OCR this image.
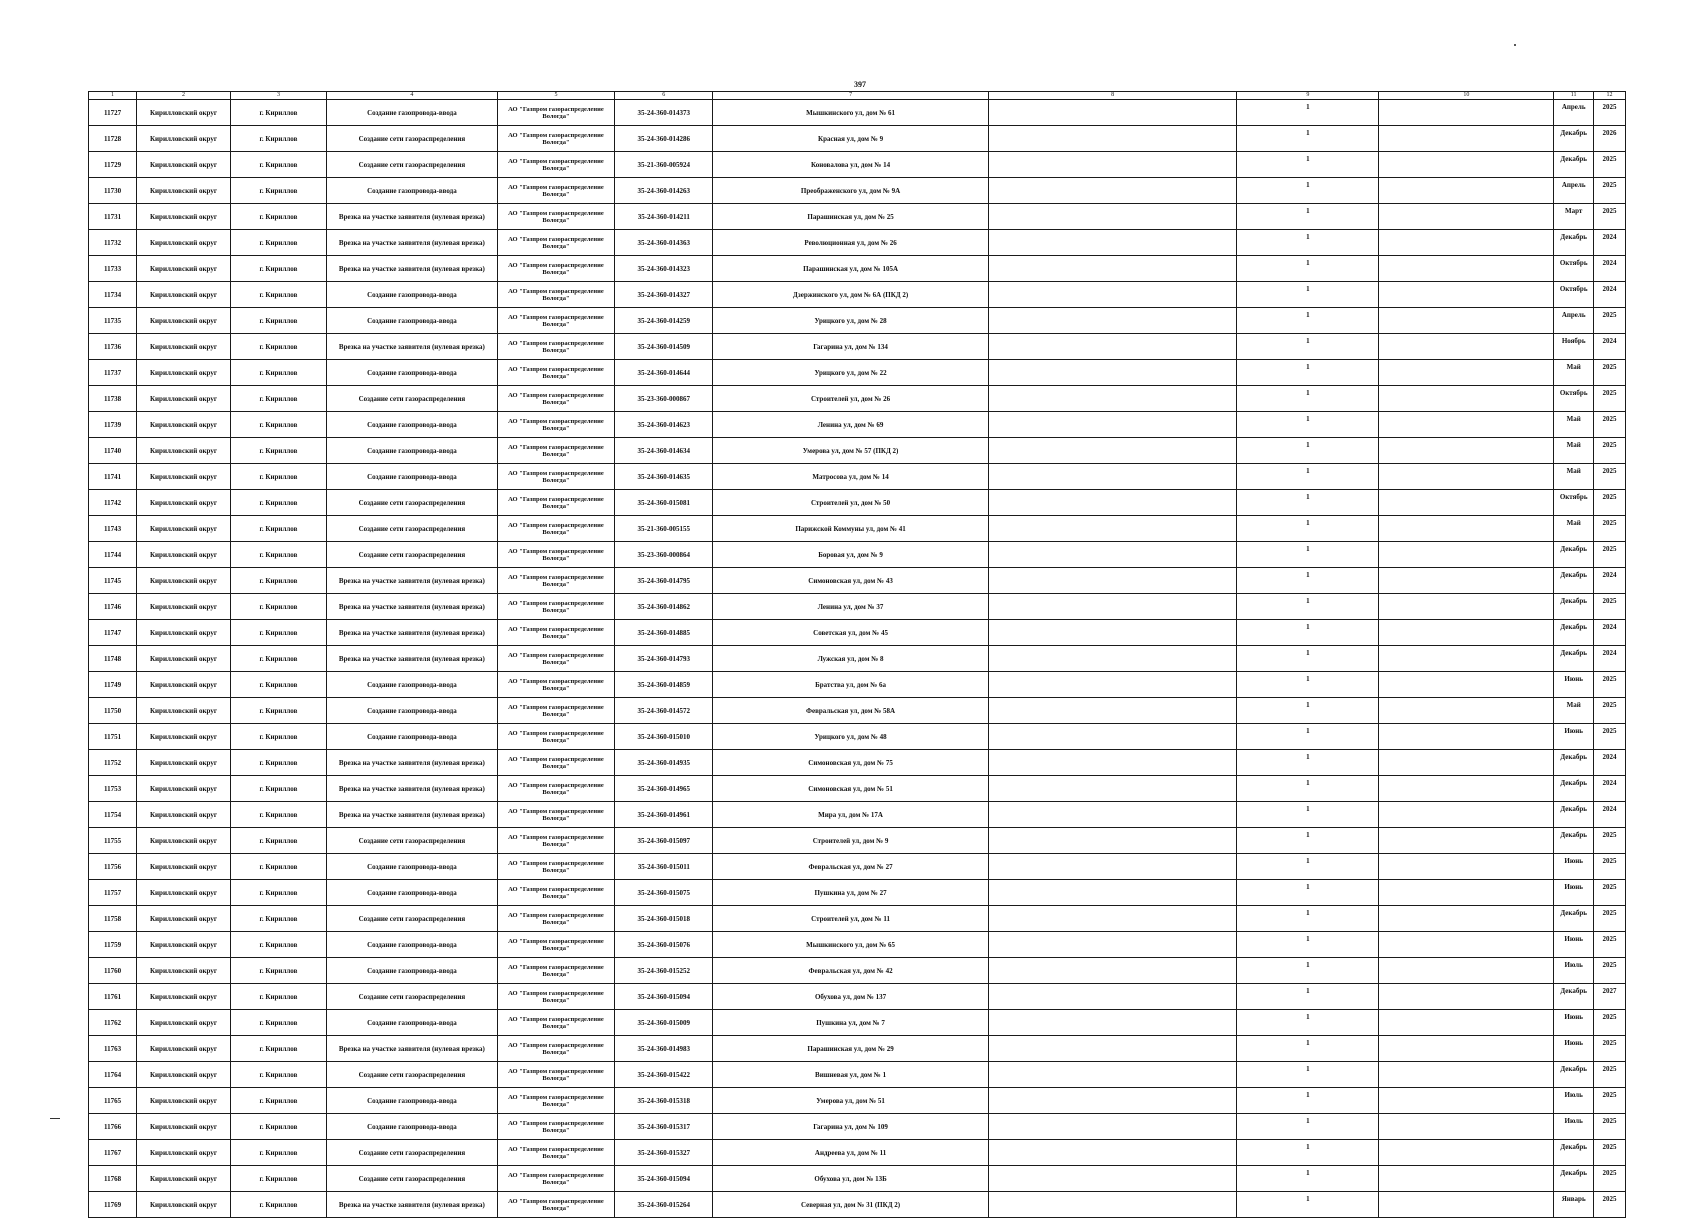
397
1	2	3	4	5	6	7	8	9	10	11	12
11727	Кирилловский округ	г. Кириллов	Создание газопровода-ввода	АО "Газпром газораспределение Вологда"	35-24-360-014373	Мышкинского ул, дом № 61		1		Апрель	2025
11728	Кирилловский округ	г. Кириллов	Создание сети газораспределения	АО "Газпром газораспределение Вологда"	35-24-360-014286	Красная ул, дом № 9		1		Декабрь	2026
11729	Кирилловский округ	г. Кириллов	Создание сети газораспределения	АО "Газпром газораспределение Вологда"	35-21-360-005924	Коновалова ул, дом № 14		1		Декабрь	2025
11730	Кирилловский округ	г. Кириллов	Создание газопровода-ввода	АО "Газпром газораспределение Вологда"	35-24-360-014263	Преображенского ул, дом № 9А		1		Апрель	2025
11731	Кирилловский округ	г. Кириллов	Врезка на участке заявителя (нулевая врезка)	АО "Газпром газораспределение Вологда"	35-24-360-014211	Парашинская ул, дом № 25		1		Март	2025
11732	Кирилловский округ	г. Кириллов	Врезка на участке заявителя (нулевая врезка)	АО "Газпром газораспределение Вологда"	35-24-360-014363	Революционная ул, дом № 26		1		Декабрь	2024
11733	Кирилловский округ	г. Кириллов	Врезка на участке заявителя (нулевая врезка)	АО "Газпром газораспределение Вологда"	35-24-360-014323	Парашинская ул, дом № 105А		1		Октябрь	2024
11734	Кирилловский округ	г. Кириллов	Создание газопровода-ввода	АО "Газпром газораспределение Вологда"	35-24-360-014327	Дзержинского ул, дом № 6А (ПКД 2)		1		Октябрь	2024
11735	Кирилловский округ	г. Кириллов	Создание газопровода-ввода	АО "Газпром газораспределение Вологда"	35-24-360-014259	Урицкого ул, дом № 28		1		Апрель	2025
11736	Кирилловский округ	г. Кириллов	Врезка на участке заявителя (нулевая врезка)	АО "Газпром газораспределение Вологда"	35-24-360-014509	Гагарина ул, дом № 134		1		Ноябрь	2024
11737	Кирилловский округ	г. Кириллов	Создание газопровода-ввода	АО "Газпром газораспределение Вологда"	35-24-360-014644	Урицкого ул, дом № 22		1		Май	2025
11738	Кирилловский округ	г. Кириллов	Создание сети газораспределения	АО "Газпром газораспределение Вологда"	35-23-360-000867	Строителей ул, дом № 26		1		Октябрь	2025
11739	Кирилловский округ	г. Кириллов	Создание газопровода-ввода	АО "Газпром газораспределение Вологда"	35-24-360-014623	Ленина ул, дом № 69		1		Май	2025
11740	Кирилловский округ	г. Кириллов	Создание газопровода-ввода	АО "Газпром газораспределение Вологда"	35-24-360-014634	Умерова ул, дом № 57 (ПКД 2)		1		Май	2025
11741	Кирилловский округ	г. Кириллов	Создание газопровода-ввода	АО "Газпром газораспределение Вологда"	35-24-360-014635	Матросова ул, дом № 14		1		Май	2025
11742	Кирилловский округ	г. Кириллов	Создание сети газораспределения	АО "Газпром газораспределение Вологда"	35-24-360-015081	Строителей ул, дом № 50		1		Октябрь	2025
11743	Кирилловский округ	г. Кириллов	Создание сети газораспределения	АО "Газпром газораспределение Вологда"	35-21-360-005155	Парижской Коммуны ул, дом № 41		1		Май	2025
11744	Кирилловский округ	г. Кириллов	Создание сети газораспределения	АО "Газпром газораспределение Вологда"	35-23-360-000864	Боровая ул, дом № 9		1		Декабрь	2025
11745	Кирилловский округ	г. Кириллов	Врезка на участке заявителя (нулевая врезка)	АО "Газпром газораспределение Вологда"	35-24-360-014795	Симоновская ул, дом № 43		1		Декабрь	2024
11746	Кирилловский округ	г. Кириллов	Врезка на участке заявителя (нулевая врезка)	АО "Газпром газораспределение Вологда"	35-24-360-014862	Ленина ул, дом № 37		1		Декабрь	2025
11747	Кирилловский округ	г. Кириллов	Врезка на участке заявителя (нулевая врезка)	АО "Газпром газораспределение Вологда"	35-24-360-014885	Советская ул, дом № 45		1		Декабрь	2024
11748	Кирилловский округ	г. Кириллов	Врезка на участке заявителя (нулевая врезка)	АО "Газпром газораспределение Вологда"	35-24-360-014793	Лужская ул, дом № 8		1		Декабрь	2024
11749	Кирилловский округ	г. Кириллов	Создание газопровода-ввода	АО "Газпром газораспределение Вологда"	35-24-360-014859	Братства ул, дом № 6а		1		Июнь	2025
11750	Кирилловский округ	г. Кириллов	Создание газопровода-ввода	АО "Газпром газораспределение Вологда"	35-24-360-014572	Февральская ул, дом № 58А		1		Май	2025
11751	Кирилловский округ	г. Кириллов	Создание газопровода-ввода	АО "Газпром газораспределение Вологда"	35-24-360-015010	Урицкого ул, дом № 48		1		Июнь	2025
11752	Кирилловский округ	г. Кириллов	Врезка на участке заявителя (нулевая врезка)	АО "Газпром газораспределение Вологда"	35-24-360-014935	Симоновская ул, дом № 75		1		Декабрь	2024
11753	Кирилловский округ	г. Кириллов	Врезка на участке заявителя (нулевая врезка)	АО "Газпром газораспределение Вологда"	35-24-360-014965	Симоновская ул, дом № 51		1		Декабрь	2024
11754	Кирилловский округ	г. Кириллов	Врезка на участке заявителя (нулевая врезка)	АО "Газпром газораспределение Вологда"	35-24-360-014961	Мира ул, дом № 17А		1		Декабрь	2024
11755	Кирилловский округ	г. Кириллов	Создание сети газораспределения	АО "Газпром газораспределение Вологда"	35-24-360-015097	Строителей ул, дом № 9		1		Декабрь	2025
11756	Кирилловский округ	г. Кириллов	Создание газопровода-ввода	АО "Газпром газораспределение Вологда"	35-24-360-015011	Февральская ул, дом № 27		1		Июнь	2025
11757	Кирилловский округ	г. Кириллов	Создание газопровода-ввода	АО "Газпром газораспределение Вологда"	35-24-360-015075	Пушкина ул, дом № 27		1		Июнь	2025
11758	Кирилловский округ	г. Кириллов	Создание сети газораспределения	АО "Газпром газораспределение Вологда"	35-24-360-015018	Строителей ул, дом № 11		1		Декабрь	2025
11759	Кирилловский округ	г. Кириллов	Создание газопровода-ввода	АО "Газпром газораспределение Вологда"	35-24-360-015076	Мышкинского ул, дом № 65		1		Июнь	2025
11760	Кирилловский округ	г. Кириллов	Создание газопровода-ввода	АО "Газпром газораспределение Вологда"	35-24-360-015252	Февральская ул, дом № 42		1		Июль	2025
11761	Кирилловский округ	г. Кириллов	Создание сети газораспределения	АО "Газпром газораспределение Вологда"	35-24-360-015094	Обухова ул, дом № 137		1		Декабрь	2027
11762	Кирилловский округ	г. Кириллов	Создание газопровода-ввода	АО "Газпром газораспределение Вологда"	35-24-360-015009	Пушкина ул, дом № 7		1		Июнь	2025
11763	Кирилловский округ	г. Кириллов	Врезка на участке заявителя (нулевая врезка)	АО "Газпром газораспределение Вологда"	35-24-360-014983	Парашинская ул, дом № 29		1		Июнь	2025
11764	Кирилловский округ	г. Кириллов	Создание сети газораспределения	АО "Газпром газораспределение Вологда"	35-24-360-015422	Вишневая ул, дом № 1		1		Декабрь	2025
11765	Кирилловский округ	г. Кириллов	Создание газопровода-ввода	АО "Газпром газораспределение Вологда"	35-24-360-015318	Умерова ул, дом № 51		1		Июль	2025
11766	Кирилловский округ	г. Кириллов	Создание газопровода-ввода	АО "Газпром газораспределение Вологда"	35-24-360-015317	Гагарина ул, дом № 109		1		Июль	2025
11767	Кирилловский округ	г. Кириллов	Создание сети газораспределения	АО "Газпром газораспределение Вологда"	35-24-360-015327	Андреева ул, дом № 11		1		Декабрь	2025
11768	Кирилловский округ	г. Кириллов	Создание сети газораспределения	АО "Газпром газораспределение Вологда"	35-24-360-015094	Обухова ул, дом № 13Б		1		Декабрь	2025
11769	Кирилловский округ	г. Кириллов	Врезка на участке заявителя (нулевая врезка)	АО "Газпром газораспределение Вологда"	35-24-360-015264	Северная ул, дом № 31 (ПКД 2)		1		Январь	2025
